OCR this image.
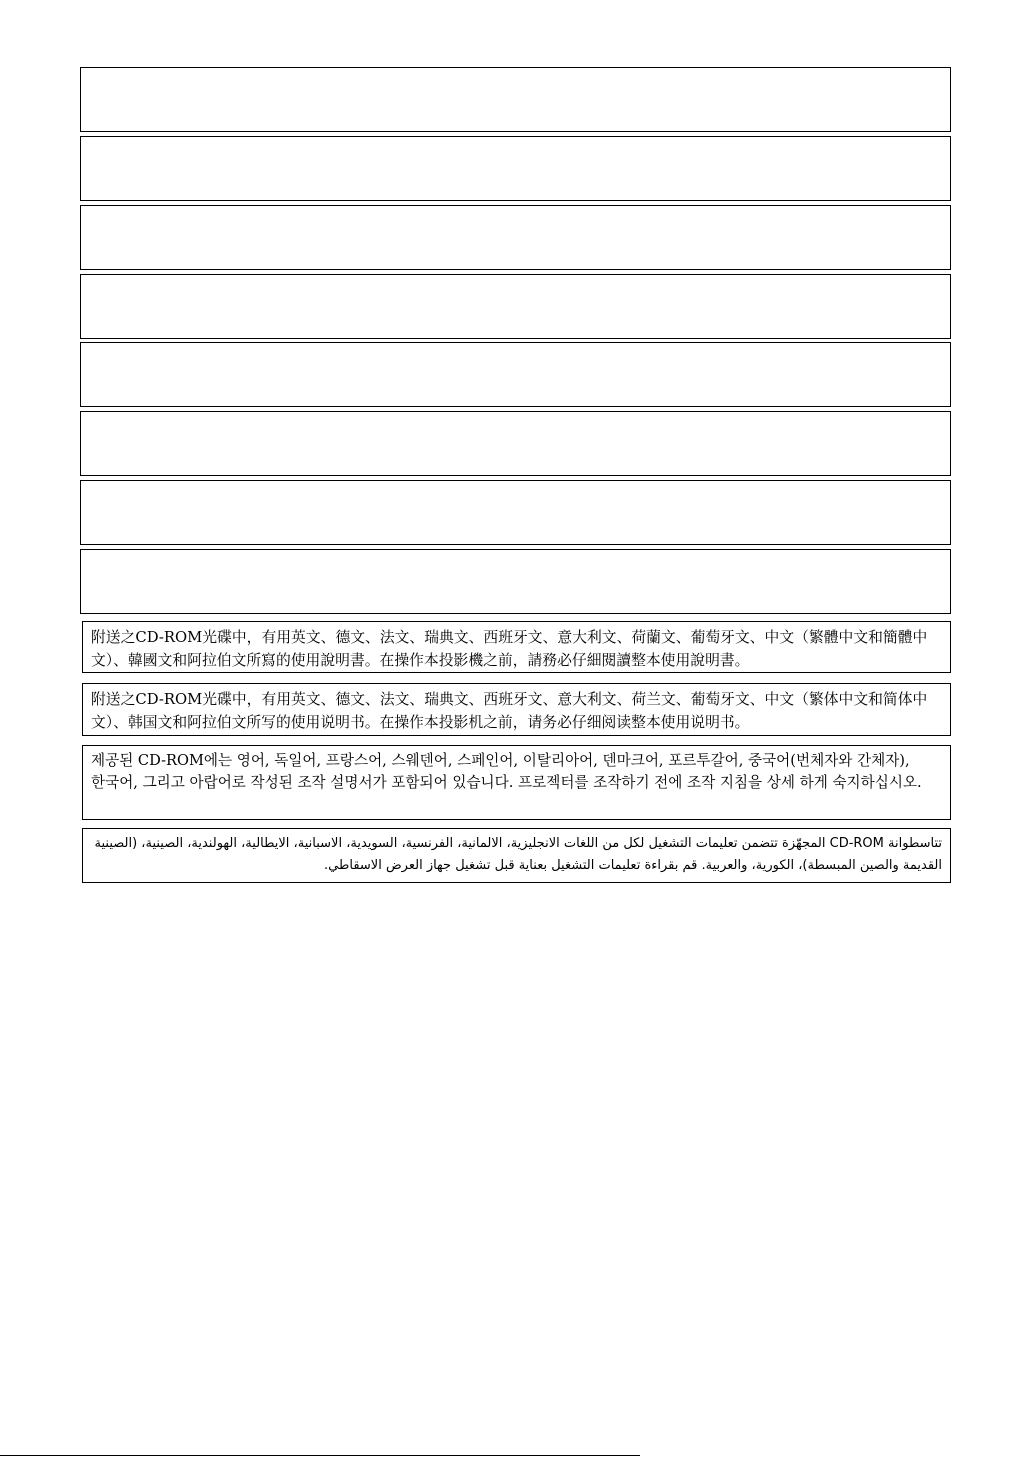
附送之CD-ROM光碟中，有用英文、德文、法文、瑞典文、西班牙文、意大利文、荷蘭文、葡萄牙文、中文（繁體中文和簡體中文）、韓國文和阿拉伯文所寫的使用說明書。在操作本投影機之前，請務必仔細閱讀整本使用說明書。

附送之CD-ROM光碟中，有用英文、德文、法文、瑞典文、西班牙文、意大利文、荷兰文、葡萄牙文、中文（繁体中文和简体中文）、韩国文和阿拉伯文所写的使用说明书。在操作本投影机之前，请务必仔细阅读整本使用说明书。

제공된 CD-ROM에는 영어, 독일어, 프랑스어, 스웨덴어, 스페인어, 이탈리아어, 덴마크어, 포르투갈어, 중국어(번체자와 간체자), 한국어, 그리고 아랍어로 작성된 조작 설명서가 포함되어 있습니다. 프로젝터를 조작하기 전에 조작 지침을 상세 하게 숙지하십시오.

تتاسطوانة CD-ROM المجهّزة تتضمن تعليمات التشغيل لكل من اللغات الانجليزية، الالمانية، الفرنسية، السويدية، الاسبانية، الايطالية، الهولندية، الصينية، (الصينية القديمة والصين المبسطة)، الكورية، والعربية. قم بقراءة تعليمات التشغيل بعناية قبل تشغيل جهاز العرض الاسقاطي.
